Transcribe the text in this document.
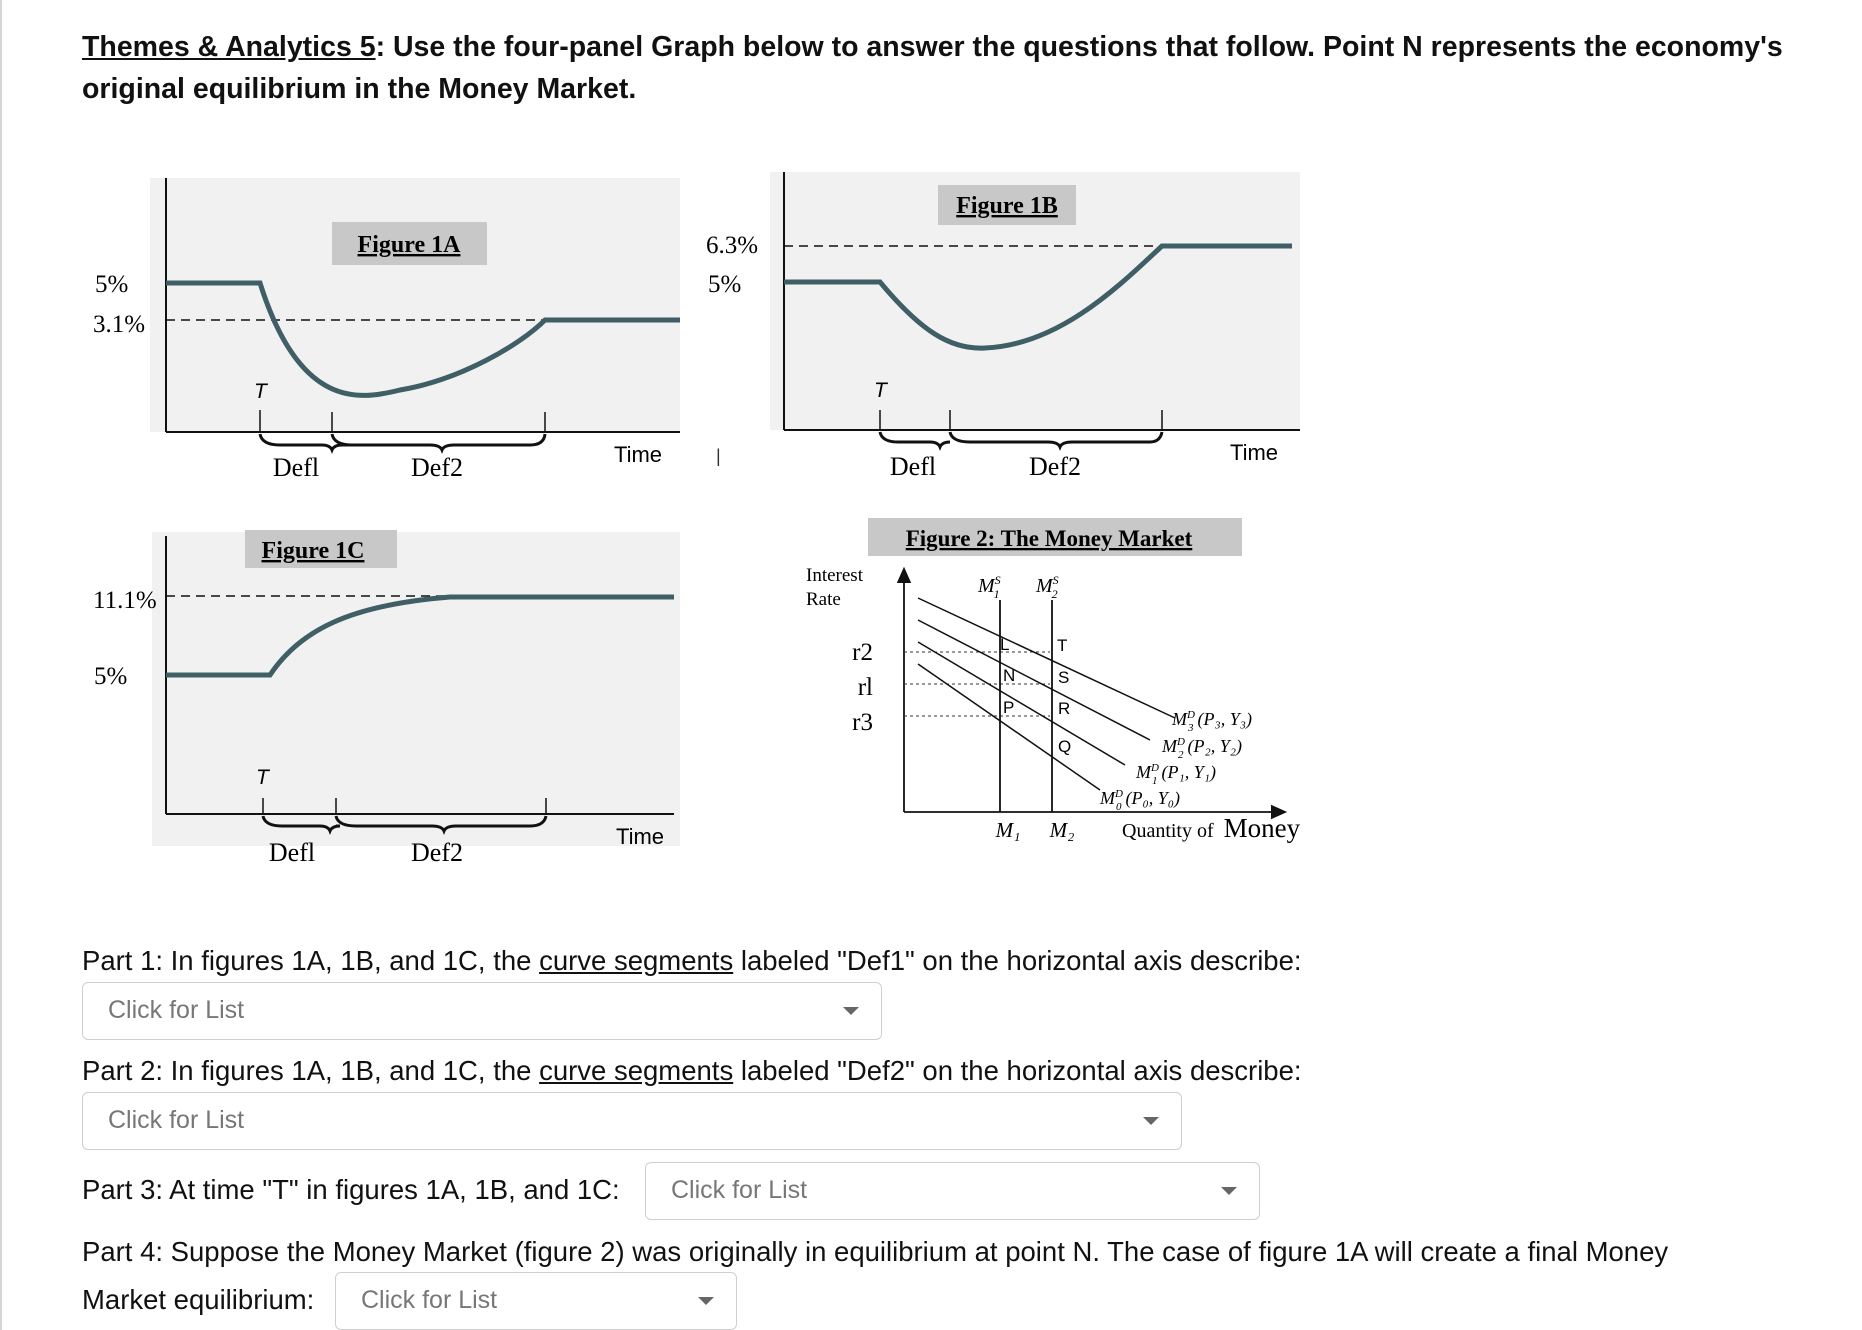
Themes & Analytics 5: Use the four-panel Graph below to answer the questions that follow. Point N represents the economy's original equilibrium in the Money Market.
Figure 1A
5%
3.1%
T
Defl	Def2	Time
Figure 1B
6.3%
5%
|
T
Defl	Def2	Time
Figure 1C
11.1%
5%
T
Defl	Def2
Time
Figure 2: The Money Market
Interest
Rate
r2
rl
r3
$M^S$ 1 $M^S$ 2
L
N
P
T
S
R
Q
$M^D$ 3 (P₃, Y₃)
$M^D$ 2 (P₂, Y₂)
$M^D$ 1 (P₁, Y₁)
$M^D$ 0 (P₀, Y₀)
M₁ M₂ Quantity of Money
Part 1: In figures 1A, 1B, and 1C, the curve segments labeled "Def1" on the horizontal axis describe:
Click for List
Part 2: In figures 1A, 1B, and 1C, the curve segments labeled "Def2" on the horizontal axis describe:
Click for List
Part 3: At time "T" in figures 1A, 1B, and 1C:	Click for List
Part 4: Suppose the Money Market (figure 2) was originally in equilibrium at point N. The case of figure 1A will create a final Money
Market equilibrium:	Click for List
